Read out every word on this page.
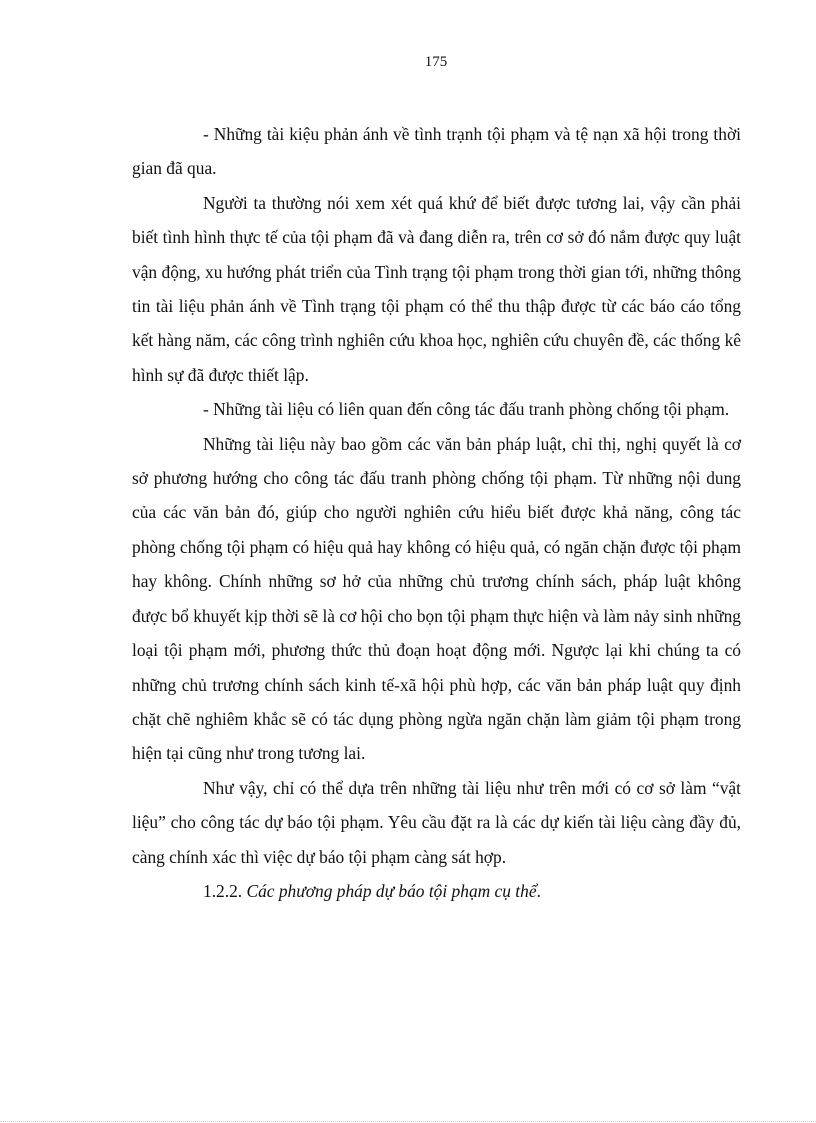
175

- Những tài kiệu phản ánh về tình trạnh tội phạm và tệ nạn xã hội trong thời gian đã qua.

Người ta thường nói xem xét quá khứ để biết được tương lai, vậy cần phải biết tình hình thực tế của tội phạm đã và đang diễn ra, trên cơ sở đó nắm được quy luật vận động, xu hướng phát triển của Tình trạng tội phạm trong thời gian tới, những thông tin tài liệu phản ánh về Tình trạng tội phạm có thể thu thập được từ các báo cáo tổng kết hàng năm, các công trình nghiên cứu khoa học, nghiên cứu chuyên đề, các thống kê hình sự đã được thiết lập.

- Những tài liệu có liên quan đến công tác đấu tranh phòng chống tội phạm.

Những tài liệu này bao gồm các văn bản pháp luật, chỉ thị, nghị quyết là cơ sở phương hướng cho công tác đấu tranh phòng chống tội phạm. Từ những nội dung của các văn bản đó, giúp cho người nghiên cứu hiểu biết được khả năng, công tác phòng chống tội phạm có hiệu quả hay không có hiệu quả, có ngăn chặn được tội phạm hay không. Chính những sơ hở của những chủ trương chính sách, pháp luật không được bổ khuyết kịp thời sẽ là cơ hội cho bọn tội phạm thực hiện và làm nảy sinh những loại tội phạm mới, phương thức thủ đoạn hoạt động mới. Ngược lại khi chúng ta có những chủ trương chính sách kinh tế-xã hội phù hợp, các văn bản pháp luật quy định chặt chẽ nghiêm khắc sẽ có tác dụng phòng ngừa ngăn chặn làm giảm tội phạm trong hiện tại cũng như trong tương lai.

Như vậy, chỉ có thể dựa trên những tài liệu như trên mới có cơ sở làm “vật liệu” cho công tác dự báo tội phạm. Yêu cầu đặt ra là các dự kiến tài liệu càng đầy đủ, càng chính xác thì việc dự báo tội phạm càng sát hợp.

1.2.2. Các phương pháp dự báo tội phạm cụ thể.
